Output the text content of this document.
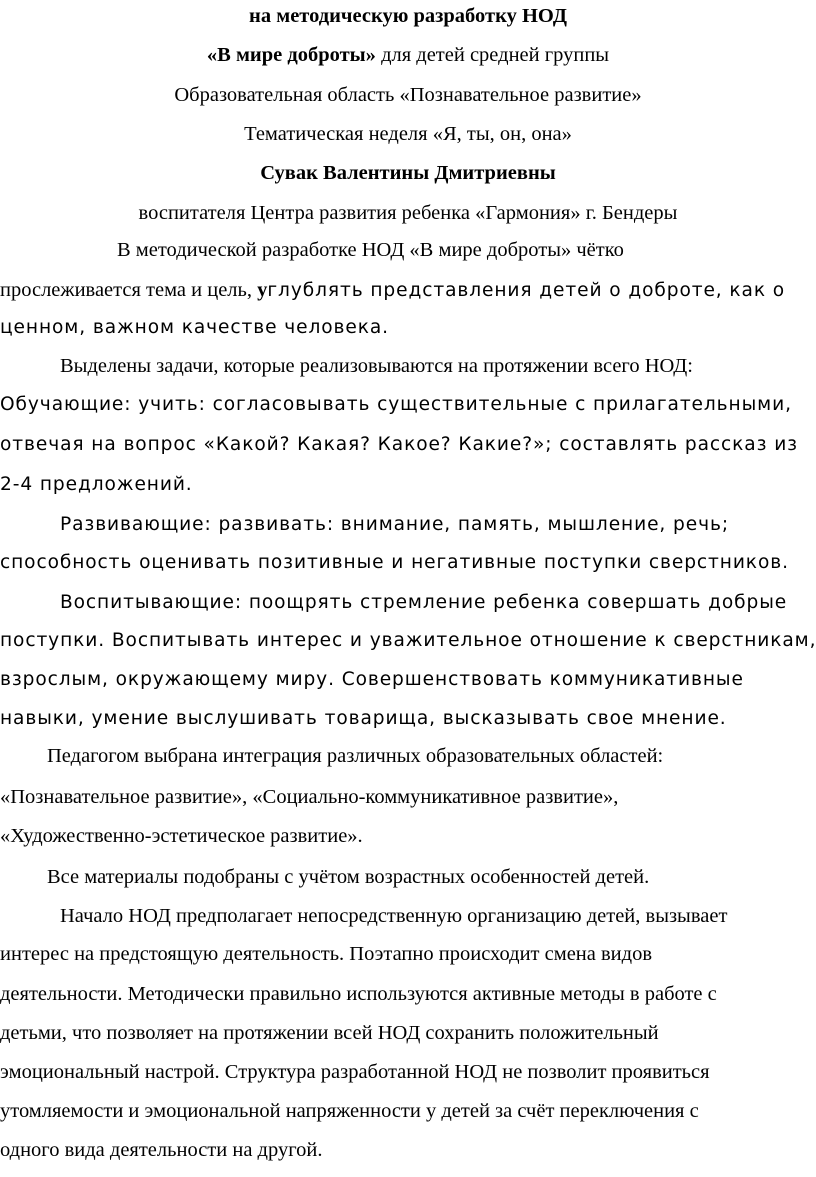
на методическую разработку НОД
«В мире доброты» для детей средней группы
Образовательная область «Познавательное развитие»
Тематическая неделя «Я, ты, он, она»
Сувак Валентины Дмитриевны
воспитателя Центра развития ребенка «Гармония» г. Бендеры
В методической разработке НОД «В мире доброты» чётко
прослеживается тема и цель, углублять представления детей о доброте, как о
ценном, важном качестве человека.
Выделены задачи, которые реализовываются на протяжении всего НОД:
Обучающие: учить: согласовывать существительные с прилагательными,
отвечая на вопрос «Какой? Какая? Какое? Какие?»; составлять рассказ из
2-4 предложений.
Развивающие: развивать: внимание, память, мышление, речь;
способность оценивать позитивные и негативные поступки сверстников.
Воспитывающие: поощрять стремление ребенка совершать добрые
поступки. Воспитывать интерес и уважительное отношение к сверстникам,
взрослым, окружающему миру. Совершенствовать коммуникативные
навыки, умение выслушивать товарища, высказывать свое мнение.
Педагогом выбрана интеграция различных образовательных областей:
«Познавательное развитие», «Социально-коммуникативное развитие»,
«Художественно-эстетическое развитие».
Все материалы подобраны с учётом возрастных особенностей детей.
Начало НОД предполагает непосредственную организацию детей, вызывает
интерес на предстоящую деятельность. Поэтапно происходит смена видов
деятельности. Методически правильно используются активные методы в работе с
детьми, что позволяет на протяжении всей НОД сохранить положительный
эмоциональный настрой. Структура разработанной НОД не позволит проявиться
утомляемости и эмоциональной напряженности у детей за счёт переключения с
одного вида деятельности на другой.
